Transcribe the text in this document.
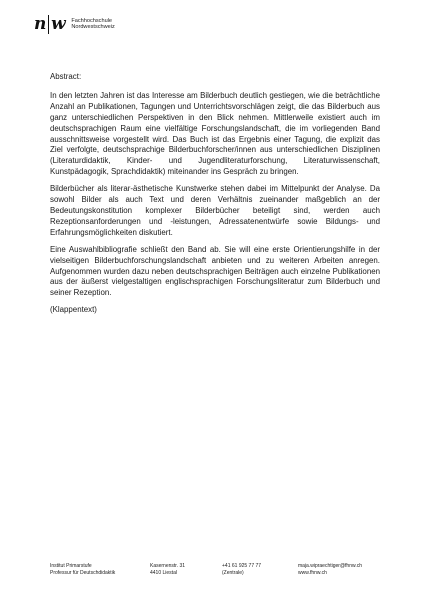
n w Fachhochschule
Nordwestschweiz
Abstract:

In den letzten Jahren ist das Interesse am Bilderbuch deutlich gestiegen, wie die beträchtliche Anzahl an Publikationen, Tagungen und Unterrichtsvorschlägen zeigt, die das Bilderbuch aus ganz unterschiedlichen Perspektiven in den Blick nehmen. Mittlerweile existiert auch im deutschsprachigen Raum eine vielfältige Forschungslandschaft, die im vorliegenden Band ausschnittsweise vorgestellt wird. Das Buch ist das Ergebnis einer Tagung, die explizit das Ziel verfolgte, deutschsprachige Bilderbuchforscher/innen aus unterschiedlichen Disziplinen (Literaturdidaktik, Kinder- und Jugendliteraturforschung, Literaturwissenschaft, Kunstpädagogik, Sprachdidaktik) miteinander ins Gespräch zu bringen.

Bilderbücher als literar-ästhetische Kunstwerke stehen dabei im Mittelpunkt der Analyse. Da sowohl Bilder als auch Text und deren Verhältnis zueinander maßgeblich an der Bedeutungskonstitution komplexer Bilderbücher beteiligt sind, werden auch Rezeptionsanforderungen und -leistungen, Adressatenentwürfe sowie Bildungs- und Erfahrungsmöglichkeiten diskutiert.

Eine Auswahlbibliografie schließt den Band ab. Sie will eine erste Orientierungshilfe in der vielseitigen Bilderbuchforschungslandschaft anbieten und zu weiteren Arbeiten anregen. Aufgenommen wurden dazu neben deutschsprachigen Beiträgen auch einzelne Publikationen aus der äußerst vielgestaltigen englischsprachigen Forschungsliteratur zum Bilderbuch und seiner Rezeption.

(Klappentext)

Institut Primarstufe
Professur für Deutschdidaktik
Kasernenstr. 31
4410 Liestal
+41 61 925 77 77
(Zentrale)
maja.wipraechtiger@fhnw.ch
www.fhnw.ch
